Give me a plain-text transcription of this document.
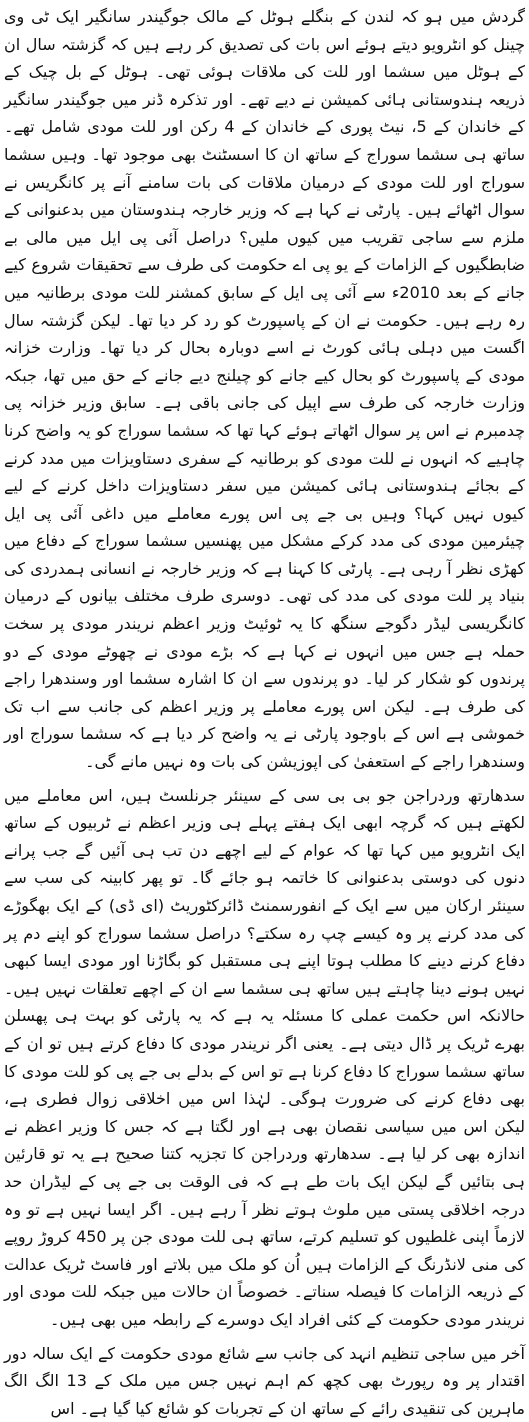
گردش میں ہو کہ لندن کے بنگلے ہوٹل کے مالک جوگیندر سانگیر ایک ٹی وی چینل کو انٹرویو دیتے ہوئے اس بات کی تصدیق کر رہے ہیں کہ گزشتہ سال ان کے ہوٹل میں سشما اور للت کی ملاقات ہوئی تھی۔ ہوٹل کے بل چیک کے ذریعہ ہندوستانی ہائی کمیشن نے دیے تھے۔ اور تذکرہ ڈنر میں جوگیندر سانگیر کے خاندان کے 5، نیٹ پوری کے خاندان کے 4 رکن اور للت مودی شامل تھے۔ ساتھ ہی سشما سوراج کے ساتھ ان کا اسسٹنٹ بھی موجود تھا۔ وہیں سشما سوراج اور للت مودی کے درمیان ملاقات کی بات سامنے آنے پر کانگریس نے سوال اٹھائے ہیں۔ پارٹی نے کہا ہے کہ وزیر خارجہ ہندوستان میں بدعنوانی کے ملزم سے ساجی تقریب میں کیوں ملیں؟ دراصل آئی پی ایل میں مالی بے ضابطگیوں کے الزامات کے یو پی اے حکومت کی طرف سے تحقیقات شروع کیے جانے کے بعد 2010ء سے آئی پی ایل کے سابق کمشنر للت مودی برطانیہ میں رہ رہے ہیں۔ حکومت نے ان کے پاسپورٹ کو رد کر دیا تھا۔ لیکن گزشتہ سال اگست میں دہلی ہائی کورٹ نے اسے دوبارہ بحال کر دیا تھا۔ وزارت خزانہ مودی کے پاسپورٹ کو بحال کیے جانے کو چیلنج دیے جانے کے حق میں تھا، جبکہ وزارت خارجہ کی طرف سے اپیل کی جانی باقی ہے۔ سابق وزیر خزانہ پی چدمبرم نے اس پر سوال اٹھاتے ہوئے کہا تھا کہ سشما سوراج کو یہ واضح کرنا چاہیے کہ انہوں نے للت مودی کو برطانیہ کے سفری دستاویزات میں مدد کرنے کے بجائے ہندوستانی ہائی کمیشن میں سفر دستاویزات داخل کرنے کے لیے کیوں نہیں کہا؟ وہیں بی جے پی اس پورے معاملے میں داغی آئی پی ایل چیئرمین مودی کی مدد کرکے مشکل میں پھنسیں سشما سوراج کے دفاع میں کھڑی نظر آ رہی ہے۔ پارٹی کا کہنا ہے کہ وزیر خارجہ نے انسانی ہمدردی کی بنیاد پر للت مودی کی مدد کی تھی۔ دوسری طرف مختلف بیانوں کے درمیان کانگریسی لیڈر دگوجے سنگھ کا یہ ٹوئیٹ وزیر اعظم نریندر مودی پر سخت حملہ ہے جس میں انہوں نے کہا ہے کہ بڑے مودی نے چھوٹے مودی کے دو پرندوں کو شکار کر لیا۔ دو پرندوں سے ان کا اشارہ سشما اور وسندھرا راجے کی طرف ہے۔ لیکن اس پورے معاملے پر وزیر اعظم کی جانب سے اب تک خموشی ہے اس کے باوجود پارٹی نے یہ واضح کر دیا ہے کہ سشما سوراج اور وسندھرا راجے کے استعفیٰ کی اپوزیشن کی بات وہ نہیں مانے گی۔

سدھارتھ وردراجن جو بی بی سی کے سینئر جرنلسٹ ہیں، اس معاملے میں لکھتے ہیں کہ گرچہ ابھی ایک ہفتے پہلے ہی وزیر اعظم نے ٹربیوں کے ساتھ ایک انٹرویو میں کہا تھا کہ عوام کے لیے اچھے دن تب ہی آئیں گے جب پرانے دنوں کی دوستی بدعنوانی کا خاتمہ ہو جائے گا۔ تو پھر کابینہ کی سب سے سینئر ارکان میں سے ایک کے انفورسمنٹ ڈائرکٹوریٹ (ای ڈی) کے ایک بھگوڑے کی مدد کرنے پر وہ کیسے چپ رہ سکتے؟ دراصل سشما سوراج کو اپنے دم پر دفاع کرنے دینے کا مطلب ہوتا اپنے ہی مستقبل کو بگاڑنا اور مودی ایسا کبھی نہیں ہونے دینا چاہتے ہیں ساتھ ہی سشما سے ان کے اچھے تعلقات نہیں ہیں۔ حالانکہ اس حکمت عملی کا مسئلہ یہ ہے کہ یہ پارٹی کو بہت ہی پھسلن بھرے ٹریک پر ڈال دیتی ہے۔ یعنی اگر نریندر مودی کا دفاع کرتے ہیں تو ان کے ساتھ سشما سوراج کا دفاع کرنا ہے تو اس کے بدلے بی جے پی کو للت مودی کا بھی دفاع کرنے کی ضرورت ہوگی۔ لہٰذا اس میں اخلاقی زوال فطری ہے، لیکن اس میں سیاسی نقصان بھی ہے اور لگتا ہے کہ جس کا وزیر اعظم نے اندازہ بھی کر لیا ہے۔ سدھارتھ وردراجن کا تجزیہ کتنا صحیح ہے یہ تو قارئین ہی بتائیں گے لیکن ایک بات طے ہے کہ فی الوقت بی جے پی کے لیڈران حد درجہ اخلاقی پستی میں ملوث ہوتے نظر آ رہے ہیں۔ اگر ایسا نہیں ہے تو وہ لازماً اپنی غلطیوں کو تسلیم کرتے، ساتھ ہی للت مودی جن پر 450 کروڑ روپے کی منی لانڈرنگ کے الزامات ہیں اُن کو ملک میں بلاتے اور فاسٹ ٹریک عدالت کے ذریعہ الزامات کا فیصلہ سناتے۔ خصوصاً ان حالات میں جبکہ للت مودی اور نریندر مودی حکومت کے کئی افراد ایک دوسرے کے رابطہ میں بھی ہیں۔

آخر میں ساجی تنظیم انہد کی جانب سے شائع مودی حکومت کے ایک سالہ دور اقتدار پر وہ رپورٹ بھی کچھ کم اہم نہیں جس میں ملک کے 13 الگ الگ ماہرین کی تنقیدی رائے کے ساتھ ان کے تجربات کو شائع کیا گیا ہے۔ اس
